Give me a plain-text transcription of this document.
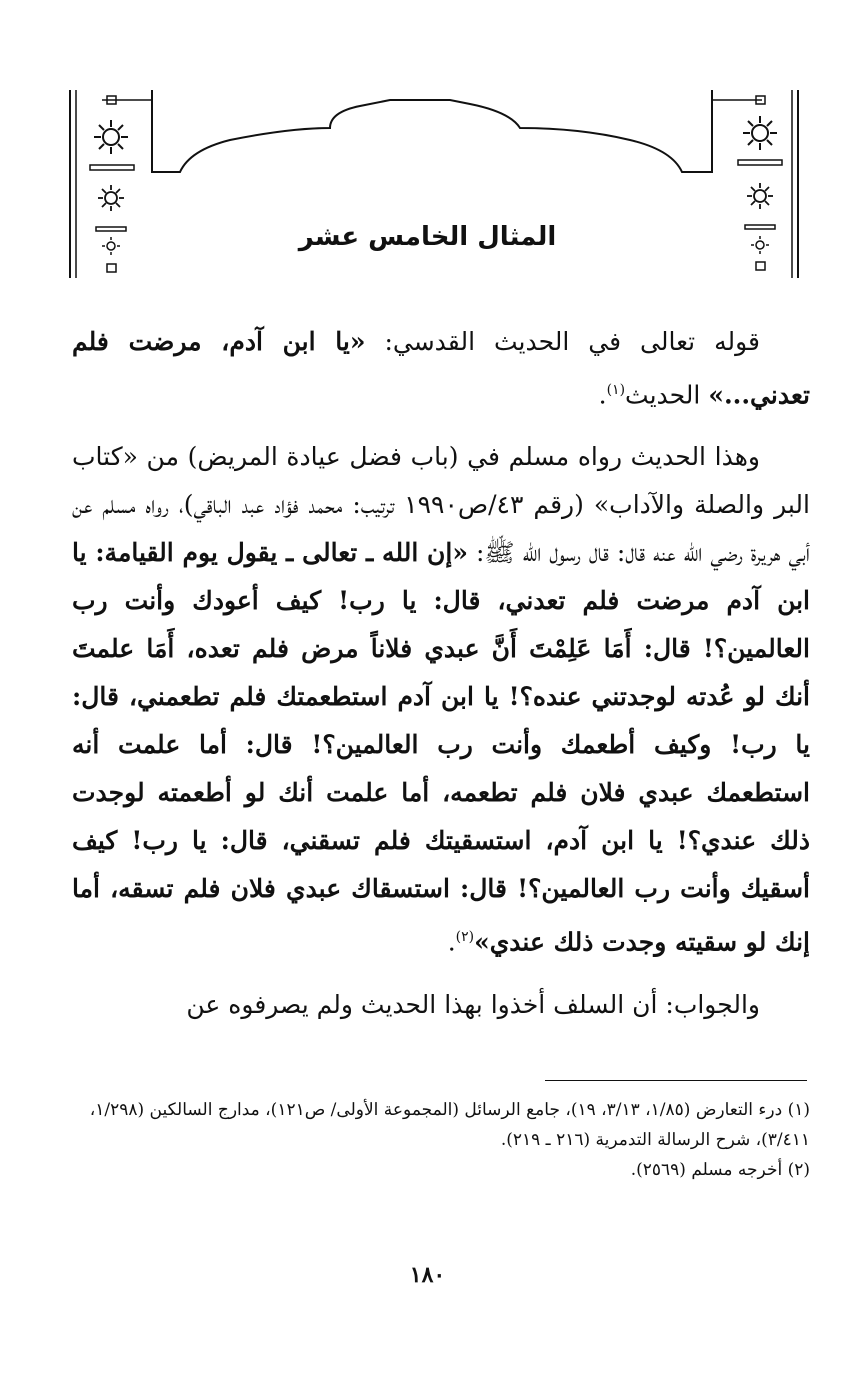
المثال الخامس عشر

قوله تعالى في الحديث القدسي: «يا ابن آدم، مرضت فلم تعدني...» الحديث$^{(١)}$.

وهذا الحديث رواه مسلم في (باب فضل عيادة المريض) من «كتاب البر والصلة والآداب» (رقم ٤٣/ص١٩٩٠ ترتيب: محمد فؤاد عبد الباقي)، رواه مسلم عن أبي هريرة رضي الله عنه قال: قال رسول الله ﷺ: «إن الله ـ تعالى ـ يقول يوم القيامة: يا ابن آدم مرضت فلم تعدني، قال: يا رب! كيف أعودك وأنت رب العالمين؟! قال: أَمَا عَلِمْتَ أَنَّ عبدي فلاناً مرض فلم تعده، أَمَا علمتَ أنك لو عُدته لوجدتني عنده؟! يا ابن آدم استطعمتك فلم تطعمني، قال: يا رب! وكيف أطعمك وأنت رب العالمين؟! قال: أما علمت أنه استطعمك عبدي فلان فلم تطعمه، أما علمت أنك لو أطعمته لوجدت ذلك عندي؟! يا ابن آدم، استسقيتك فلم تسقني، قال: يا رب! كيف أسقيك وأنت رب العالمين؟! قال: استسقاك عبدي فلان فلم تسقه، أما إنك لو سقيته وجدت ذلك عندي»$^{(٢)}$.

والجواب: أن السلف أخذوا بهذا الحديث ولم يصرفوه عن

(١) درء التعارض (١/٨٥، ٣/١٣، ١٩)، جامع الرسائل (المجموعة الأولى/ ص١٢١)، مدارج السالكين (١/٢٩٨، ٣/٤١١)، شرح الرسالة التدمرية (٢١٦ ـ ٢١٩).

(٢) أخرجه مسلم (٢٥٦٩).

١٨٠
